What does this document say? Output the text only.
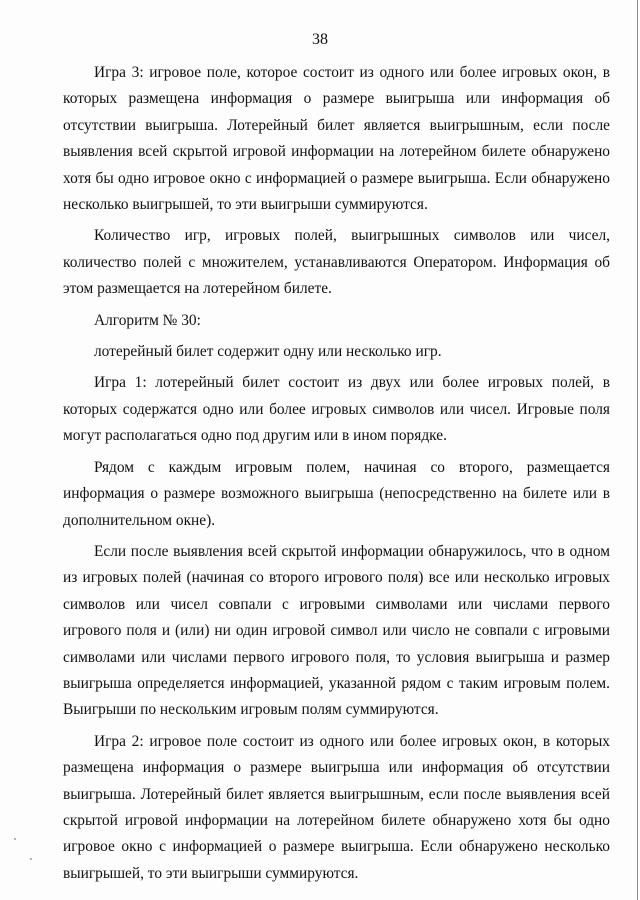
38

Игра 3: игровое поле, которое состоит из одного или более игровых окон, в которых размещена информация о размере выигрыша или информация об отсутствии выигрыша. Лотерейный билет является выигрышным, если после выявления всей скрытой игровой информации на лотерейном билете обнаружено хотя бы одно игровое окно с информацией о размере выигрыша. Если обнаружено несколько выигрышей, то эти выигрыши суммируются.

Количество игр, игровых полей, выигрышных символов или чисел, количество полей с множителем, устанавливаются Оператором. Информация об этом размещается на лотерейном билете.

Алгоритм № 30:

лотерейный билет содержит одну или несколько игр.

Игра 1: лотерейный билет состоит из двух или более игровых полей, в которых содержатся одно или более игровых символов или чисел. Игровые поля могут располагаться одно под другим или в ином порядке.

Рядом с каждым игровым полем, начиная со второго, размещается информация о размере возможного выигрыша (непосредственно на билете или в дополнительном окне).

Если после выявления всей скрытой информации обнаружилось, что в одном из игровых полей (начиная со второго игрового поля) все или несколько игровых символов или чисел совпали с игровыми символами или числами первого игрового поля и (или) ни один игровой символ или число не совпали с игровыми символами или числами первого игрового поля, то условия выигрыша и размер выигрыша определяется информацией, указанной рядом с таким игровым полем. Выигрыши по нескольким игровым полям суммируются.

Игра 2: игровое поле состоит из одного или более игровых окон, в которых размещена информация о размере выигрыша или информация об отсутствии выигрыша. Лотерейный билет является выигрышным, если после выявления всей скрытой игровой информации на лотерейном билете обнаружено хотя бы одно игровое окно с информацией о размере выигрыша. Если обнаружено несколько выигрышей, то эти выигрыши суммируются.
